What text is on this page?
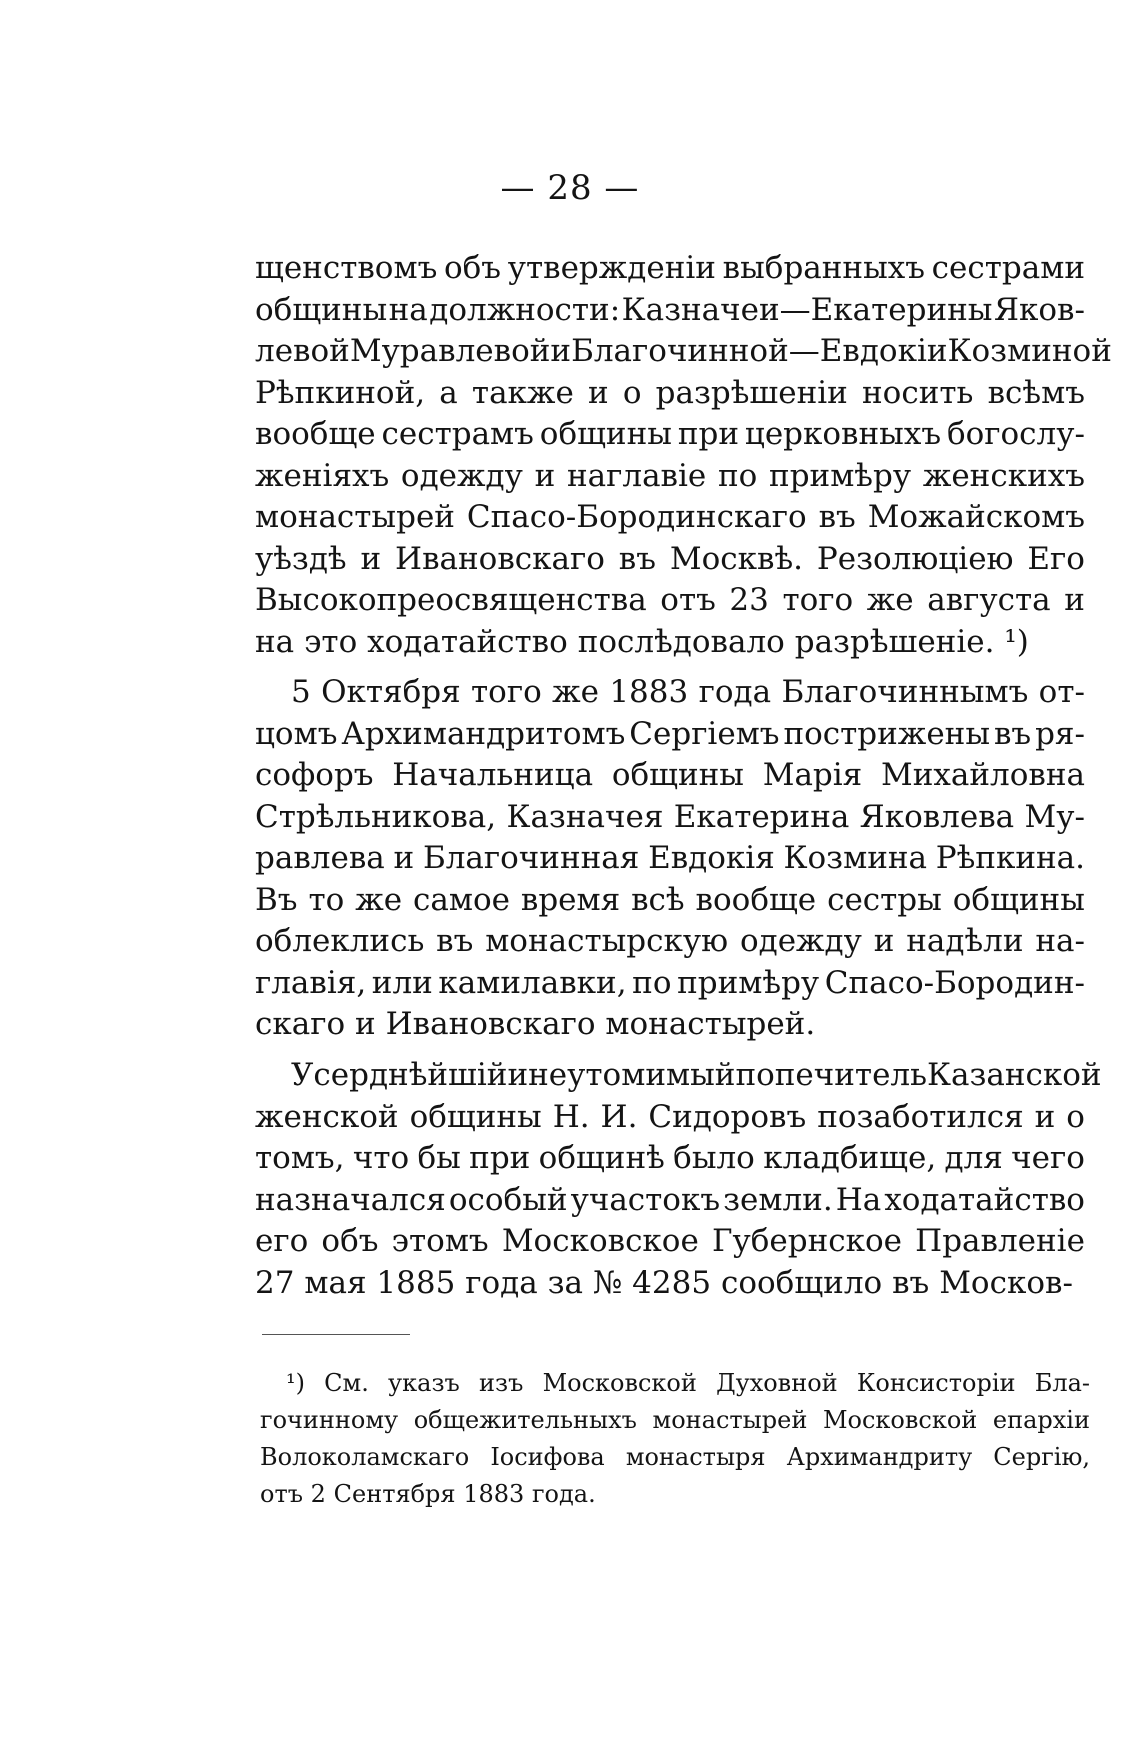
— 28 —
щенствомъ объ утвержденіи выбранныхъ сестрами
общины на должности: Казначеи—Екатерины Яков-
левой Муравлевой и Благочинной—Евдокіи Козминой
Рѣпкиной, а также и о разрѣшеніи носить всѣмъ
вообще сестрамъ общины при церковныхъ богослу-
женіяхъ одежду и наглавіе по примѣру женскихъ
монастырей Спасо-Бородинскаго въ Можайскомъ
уѣздѣ и Ивановскаго въ Москвѣ. Резолюціею Его
Высокопреосвященства отъ 23 того же августа и
на это ходатайство послѣдовало разрѣшеніе. ¹)
5 Октября того же 1883 года Благочиннымъ от-
цомъ Архимандритомъ Сергіемъ пострижены въ ря-
софоръ Начальница общины Марія Михайловна
Стрѣльникова, Казначея Екатерина Яковлева Му-
равлева и Благочинная Евдокія Козмина Рѣпкина.
Въ то же самое время всѣ вообще сестры общины
облеклись въ монастырскую одежду и надѣли на-
главія, или камилавки, по примѣру Спасо-Бородин-
скаго и Ивановскаго монастырей.
Усерднѣйшій и неутомимый попечитель Казанской
женской общины Н. И. Сидоровъ позаботился и о
томъ, что бы при общинѣ было кладбище, для чего
назначался особый участокъ земли. На ходатайство
его объ этомъ Московское Губернское Правленіе
27 мая 1885 года за № 4285 сообщило въ Москов-
¹) См. указъ изъ Московской Духовной Консисторіи Бла-
гочинному общежительныхъ монастырей Московской епархіи
Волоколамскаго Іосифова монастыря Архимандриту Сергію,
отъ 2 Сентября 1883 года.
